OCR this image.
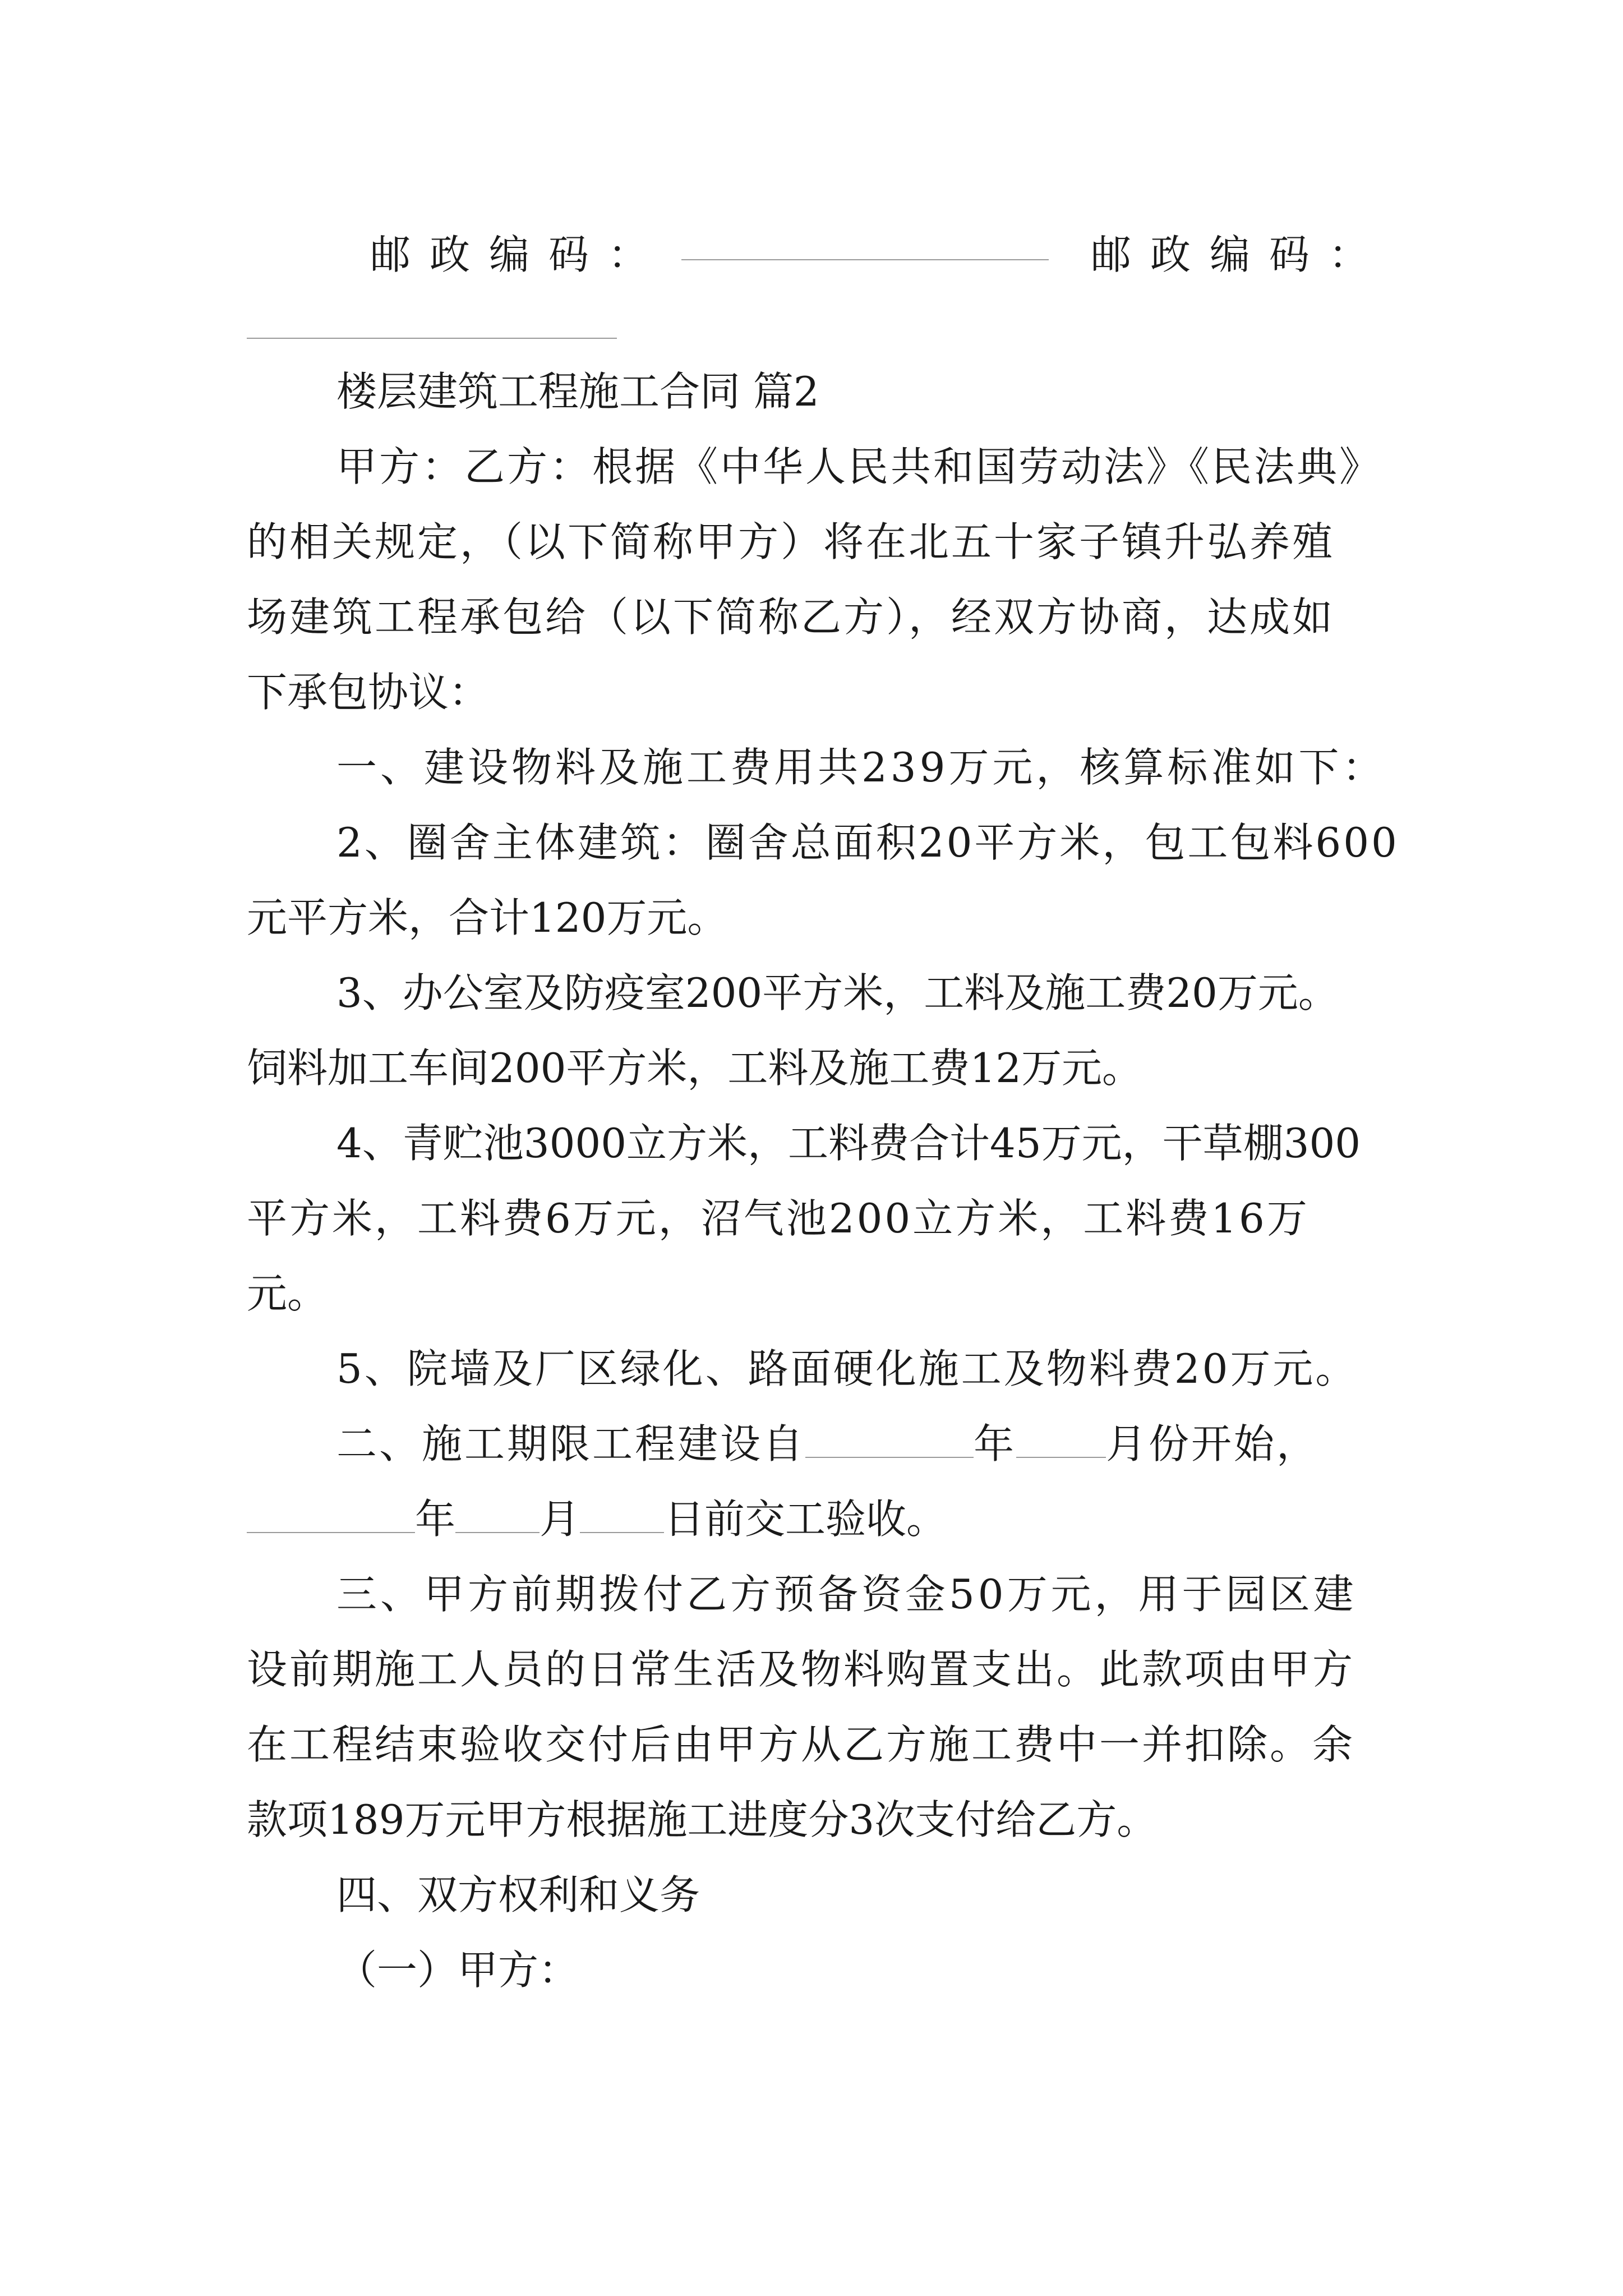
邮政编码：	邮政编码：
楼层建筑工程施工合同 篇2
甲方：乙方：根据《中华人民共和国劳动法》《民法典》
的相关规定，（以下简称甲方）将在北五十家子镇升弘养殖
场建筑工程承包给（以下简称乙方），经双方协商，达成如
下承包协议：
一、建设物料及施工费用共239万元，核算标准如下：
2、圈舍主体建筑：圈舍总面积20平方米，包工包料600
元平方米，合计120万元。
3、办公室及防疫室200平方米，工料及施工费20万元。
饲料加工车间200平方米，工料及施工费12万元。
4、青贮池3000立方米，工料费合计45万元，干草棚300
平方米，工料费6万元，沼气池200立方米，工料费16万
元。
5、院墙及厂区绿化、路面硬化施工及物料费20万元。
二、施工期限工程建设自	年 月份开始，
年 月 日前交工验收。
三、甲方前期拨付乙方预备资金50万元，用于园区建
设前期施工人员的日常生活及物料购置支出。此款项由甲方
在工程结束验收交付后由甲方从乙方施工费中一并扣除。余
款项189万元甲方根据施工进度分3次支付给乙方。
四、双方权利和义务
（一）甲方：
